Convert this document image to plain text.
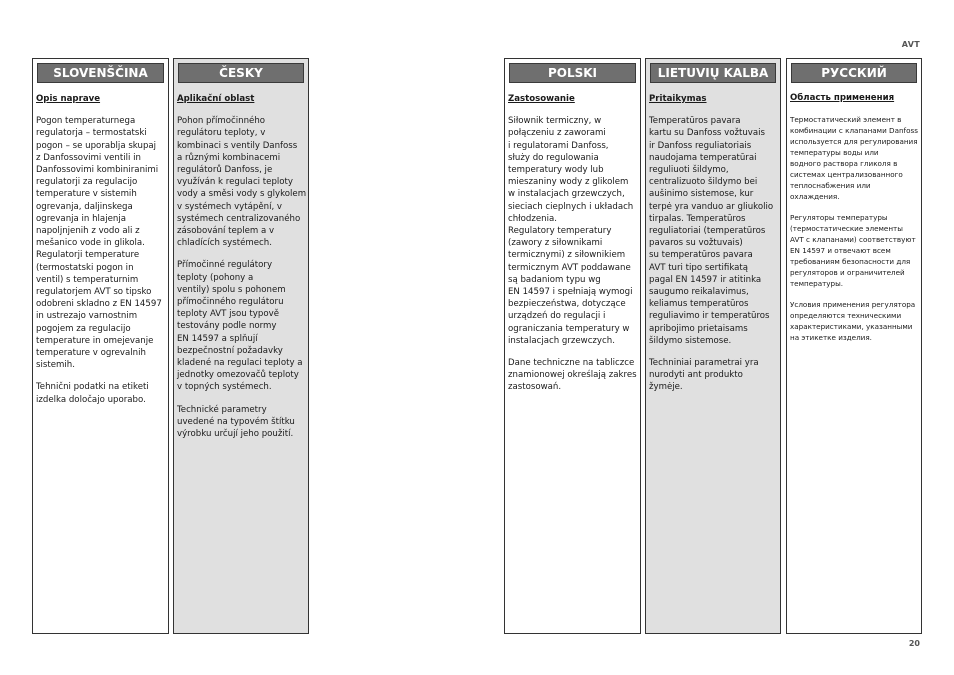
AVT
SLOVENŠČINA
Opis naprave
Pogon temperaturnega
regulatorja – termostatski
pogon – se uporablja skupaj
z Danfossovimi ventili in
Danfossovimi kombiniranimi
regulatorji za regulacijo
temperature v sistemih
ogrevanja, daljinskega
ogrevanja in hlajenja
napoljnjenih z vodo ali z
mešanico vode in glikola.
Regulatorji temperature
(termostatski pogon in
ventil) s temperaturnim
regulatorjem AVT so tipsko
odobreni skladno z EN 14597
in ustrezajo varnostnim
pogojem za regulacijo
temperature in omejevanje
temperature v ogrevalnih
sistemih.
Tehnični podatki na etiketi
izdelka določajo uporabo.
ČESKY
Aplikační oblast
Pohon přímočinného
regulátoru teploty, v
kombinaci s ventily Danfoss
a různými kombinacemi
regulátorů Danfoss, je
využíván k regulaci teploty
vody a směsi vody s glykolem
v systémech vytápění, v
systémech centralizovaného
zásobování teplem a v
chladících systémech.
Přímočinné regulátory
teploty (pohony a
ventily) spolu s pohonem
přímočinného regulátoru
teploty AVT jsou typově
testovány podle normy
EN 14597 a splňují
bezpečnostní požadavky
kladené na regulaci teploty a
jednotky omezovačů teploty
v topných systémech.
Technické parametry
uvedené na typovém štítku
výrobku určují jeho použití.
POLSKI
Zastosowanie
Siłownik termiczny, w
połączeniu z zaworami
i regulatorami Danfoss,
służy do regulowania
temperatury wody lub
mieszaniny wody z glikolem
w instalacjach grzewczych,
sieciach cieplnych i układach
chłodzenia.
Regulatory temperatury
(zawory z siłownikami
termicznymi) z siłownikiem
termicznym AVT poddawane
są badaniom typu wg
EN 14597 i spełniają wymogi
bezpieczeństwa, dotyczące
urządzeń do regulacji i
ograniczania temperatury w
instalacjach grzewczych.
Dane techniczne na tabliczce
znamionowej określają zakres
zastosowań.
LIETUVIŲ KALBA
Pritaikymas
Temperatūros pavara
kartu su Danfoss vožtuvais
ir Danfoss reguliatoriais
naudojama temperatūrai
reguliuoti šildymo,
centralizuoto šildymo bei
aušinimo sistemose, kur
terpė yra vanduo ar gliukolio
tirpalas. Temperatūros
reguliatoriai (temperatūros
pavaros su vožtuvais)
su temperatūros pavara
AVT turi tipo sertifikatą
pagal EN 14597 ir atitinka
saugumo reikalavimus,
keliamus temperatūros
reguliavimo ir temperatūros
apribojimo prietaisams
šildymo sistemose.
Techniniai parametrai yra
nurodyti ant produkto
žymėje.
РУССКИЙ
Область применения
Термостатический элемент в
комбинации с клапанами Danfoss
используется для регулирования
температуры воды или
водного раствора гликоля в
системах централизованного
теплоснабжения или
охлаждения.
Регуляторы температуры
(термостатические элементы
AVT с клапанами) соответствуют
EN 14597 и отвечают всем
требованиям безопасности для
регуляторов и ограничителей
температуры.
Условия применения регулятора
определяются техническими
характеристиками, указанными
на этикетке изделия.
20
